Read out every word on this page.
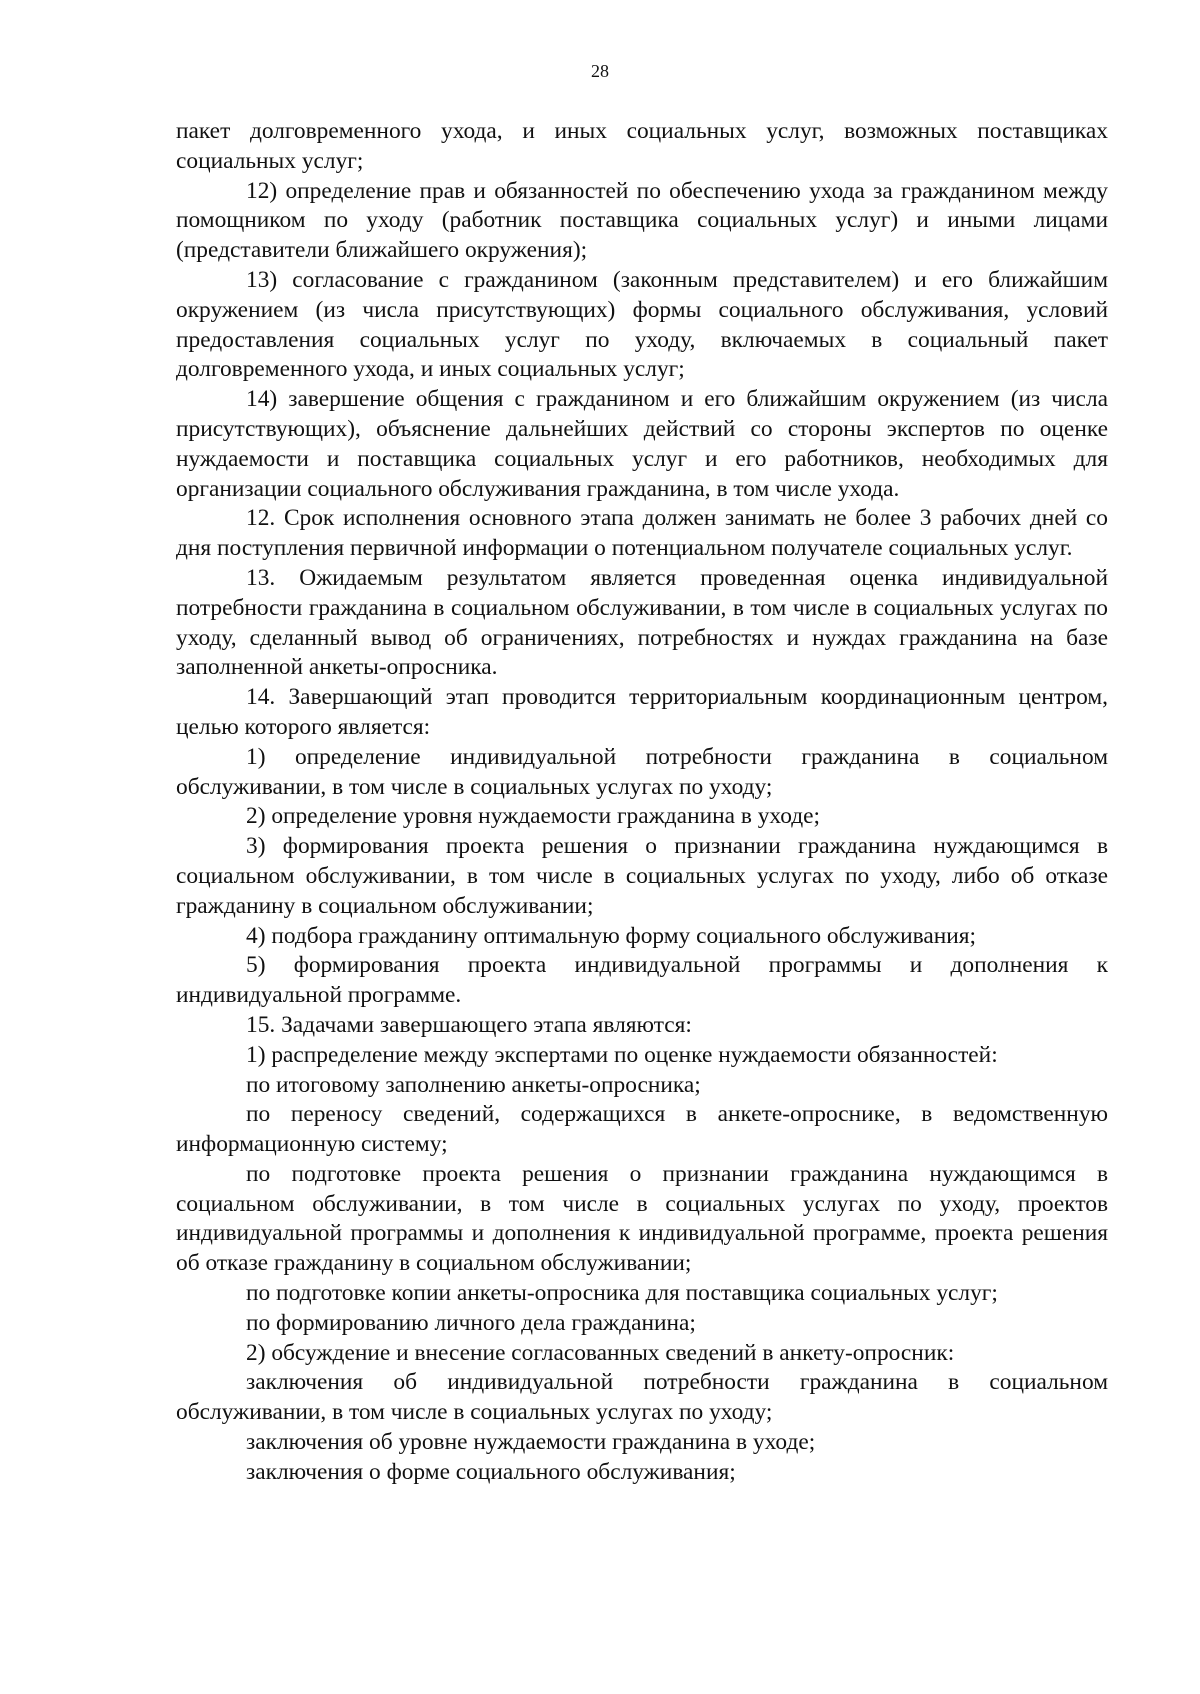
28

пакет долговременного ухода, и иных социальных услуг, возможных поставщиках социальных услуг;

12) определение прав и обязанностей по обеспечению ухода за гражданином между помощником по уходу (работник поставщика социальных услуг) и иными лицами (представители ближайшего окружения);

13) согласование с гражданином (законным представителем) и его ближайшим окружением (из числа присутствующих) формы социального обслуживания, условий предоставления социальных услуг по уходу, включаемых в социальный пакет долговременного ухода, и иных социальных услуг;

14) завершение общения с гражданином и его ближайшим окружением (из числа присутствующих), объяснение дальнейших действий со стороны экспертов по оценке нуждаемости и поставщика социальных услуг и его работников, необходимых для организации социального обслуживания гражданина, в том числе ухода.

12. Срок исполнения основного этапа должен занимать не более 3 рабочих дней со дня поступления первичной информации о потенциальном получателе социальных услуг.

13. Ожидаемым результатом является проведенная оценка индивидуальной потребности гражданина в социальном обслуживании, в том числе в социальных услугах по уходу, сделанный вывод об ограничениях, потребностях и нуждах гражданина на базе заполненной анкеты-опросника.

14. Завершающий этап проводится территориальным координационным центром, целью которого является:

1) определение индивидуальной потребности гражданина в социальном обслуживании, в том числе в социальных услугах по уходу;

2) определение уровня нуждаемости гражданина в уходе;

3) формирования проекта решения о признании гражданина нуждающимся в социальном обслуживании, в том числе в социальных услугах по уходу, либо об отказе гражданину в социальном обслуживании;

4) подбора гражданину оптимальную форму социального обслуживания;

5) формирования проекта индивидуальной программы и дополнения к индивидуальной программе.

15. Задачами завершающего этапа являются:

1) распределение между экспертами по оценке нуждаемости обязанностей:

по итоговому заполнению анкеты-опросника;

по переносу сведений, содержащихся в анкете-опроснике, в ведомственную информационную систему;

по подготовке проекта решения о признании гражданина нуждающимся в социальном обслуживании, в том числе в социальных услугах по уходу, проектов индивидуальной программы и дополнения к индивидуальной программе, проекта решения об отказе гражданину в социальном обслуживании;

по подготовке копии анкеты-опросника для поставщика социальных услуг;

по формированию личного дела гражданина;

2) обсуждение и внесение согласованных сведений в анкету-опросник:

заключения об индивидуальной потребности гражданина в социальном обслуживании, в том числе в социальных услугах по уходу;

заключения об уровне нуждаемости гражданина в уходе;

заключения о форме социального обслуживания;
